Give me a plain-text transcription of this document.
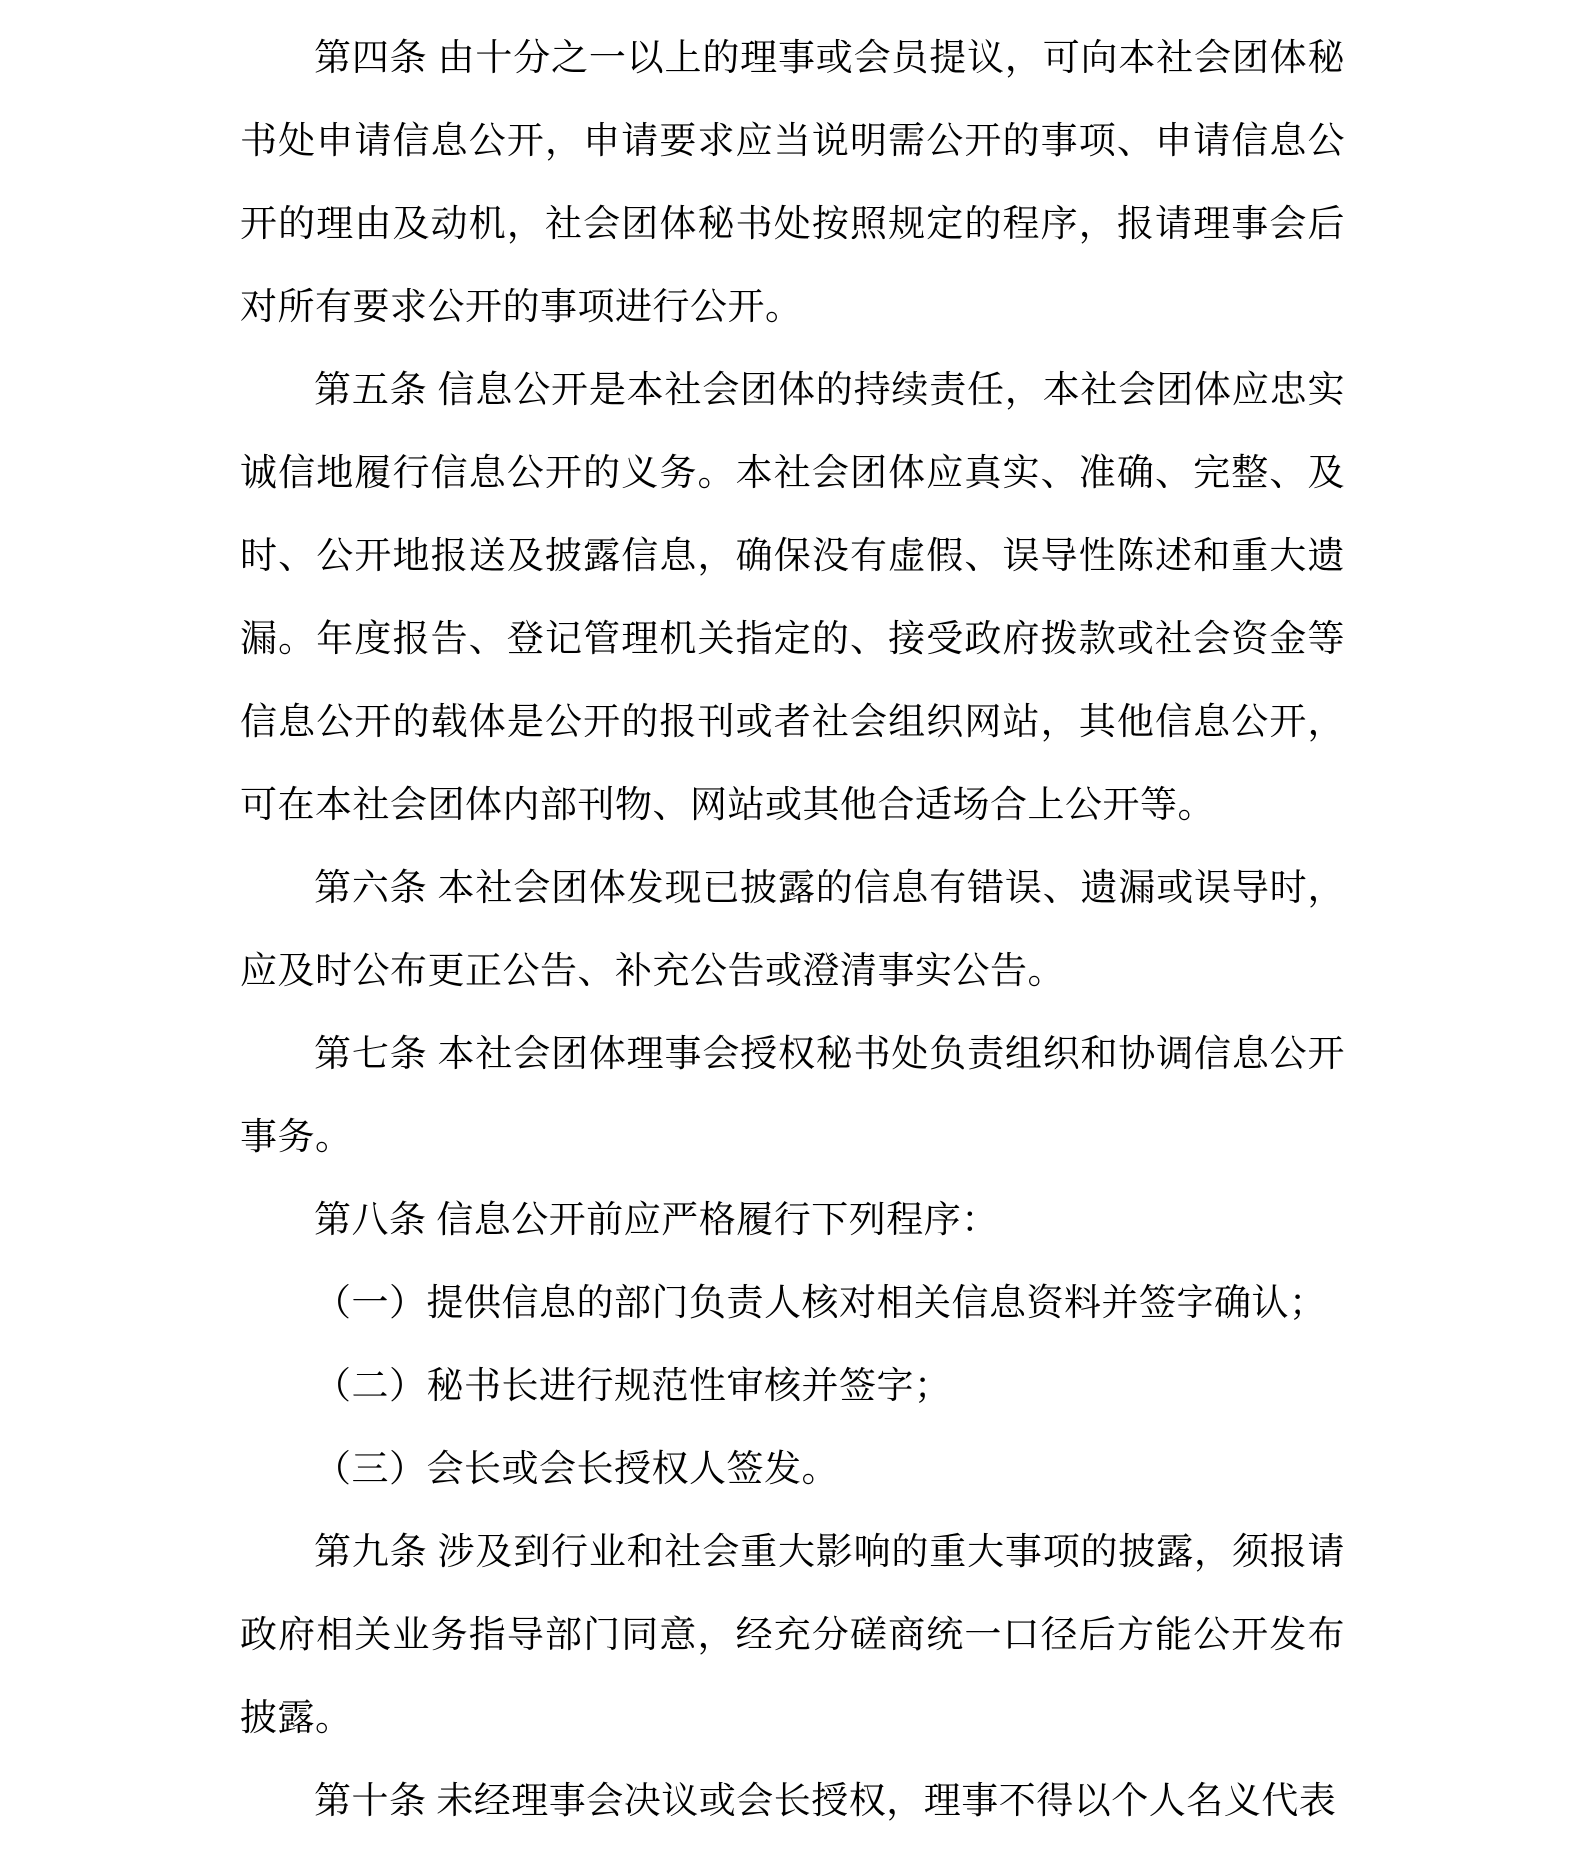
第四条 由十分之一以上的理事或会员提议，可向本社会团体秘书处申请信息公开，申请要求应当说明需公开的事项、申请信息公开的理由及动机，社会团体秘书处按照规定的程序，报请理事会后对所有要求公开的事项进行公开。

第五条 信息公开是本社会团体的持续责任，本社会团体应忠实诚信地履行信息公开的义务。本社会团体应真实、准确、完整、及时、公开地报送及披露信息，确保没有虚假、误导性陈述和重大遗漏。年度报告、登记管理机关指定的、接受政府拨款或社会资金等信息公开的载体是公开的报刊或者社会组织网站，其他信息公开，可在本社会团体内部刊物、网站或其他合适场合上公开等。

第六条 本社会团体发现已披露的信息有错误、遗漏或误导时，应及时公布更正公告、补充公告或澄清事实公告。

第七条 本社会团体理事会授权秘书处负责组织和协调信息公开事务。

第八条 信息公开前应严格履行下列程序：

（一）提供信息的部门负责人核对相关信息资料并签字确认；

（二）秘书长进行规范性审核并签字；

（三）会长或会长授权人签发。

第九条 涉及到行业和社会重大影响的重大事项的披露，须报请政府相关业务指导部门同意，经充分磋商统一口径后方能公开发布披露。

第十条 未经理事会决议或会长授权，理事不得以个人名义代表
